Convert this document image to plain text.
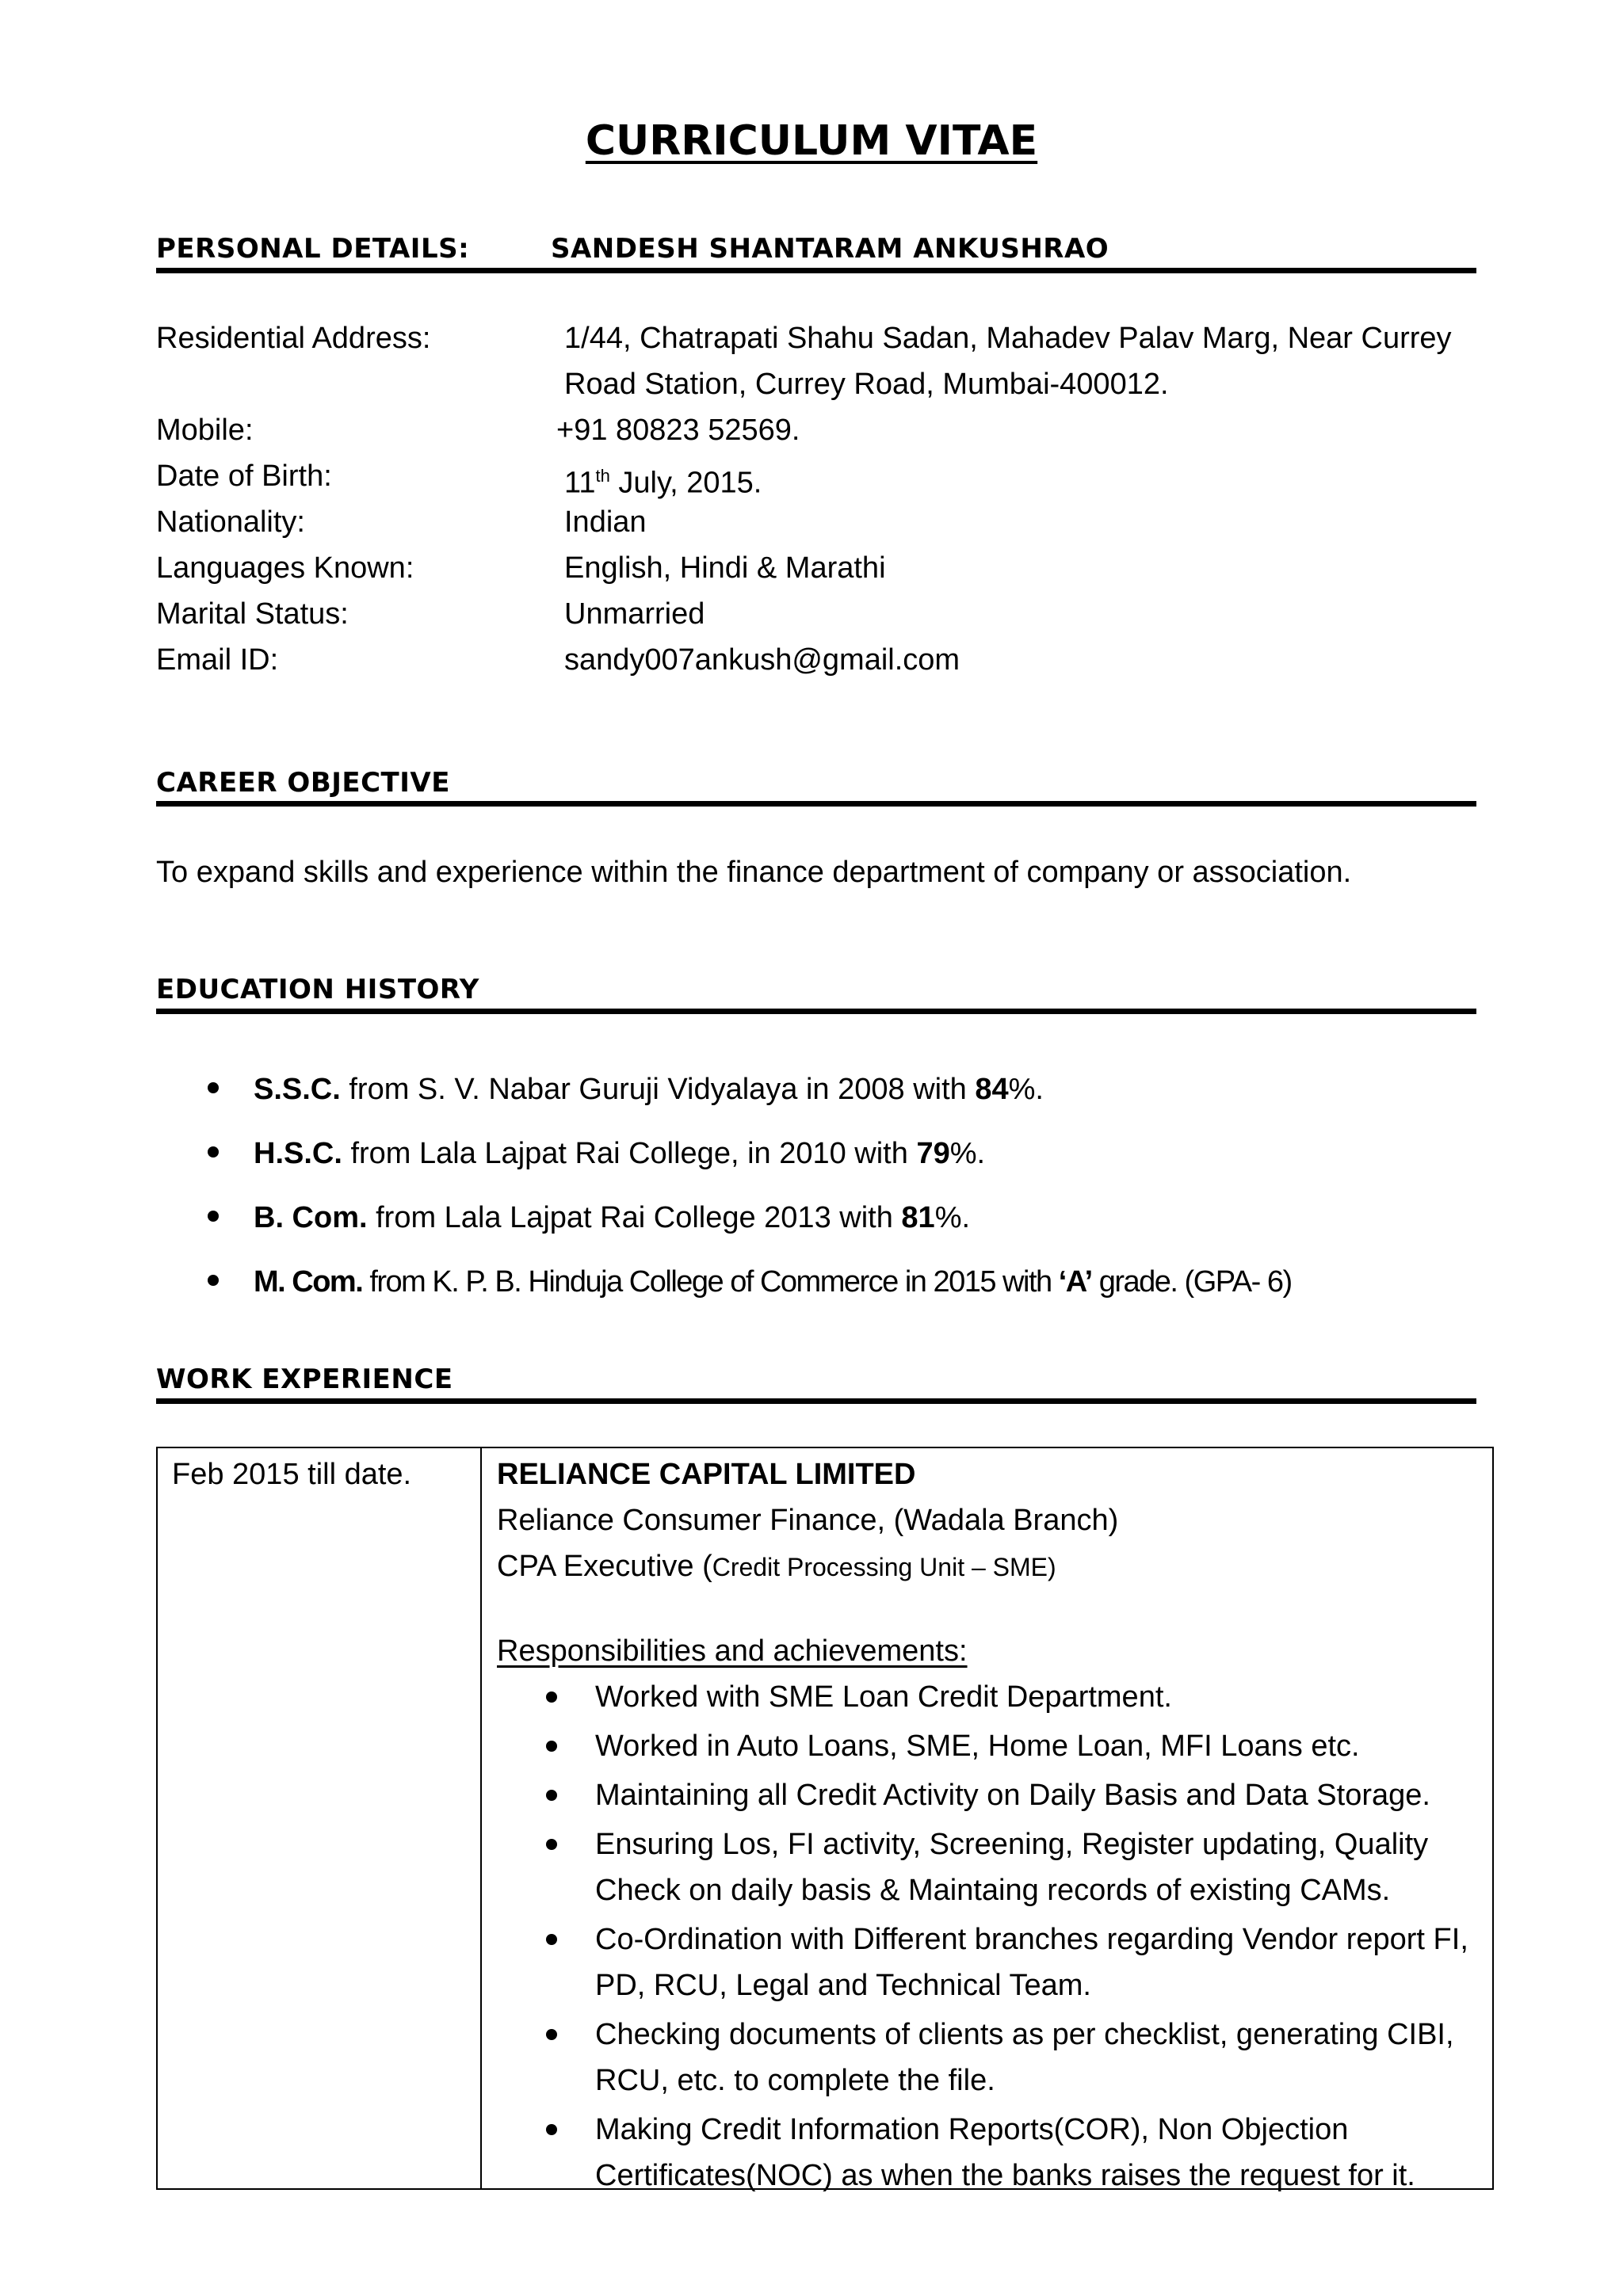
CURRICULUM VITAE
PERSONAL DETAILS:	SANDESH SHANTARAM ANKUSHRAO
Residential Address:	1/44, Chatrapati Shahu Sadan, Mahadev Palav Marg, Near Currey
Road Station, Currey Road, Mumbai-400012.
Mobile:	+91 80823 52569.
Date of Birth:	11th July, 2015.
Nationality:	Indian
Languages Known:	English, Hindi & Marathi
Marital Status:	Unmarried
Email ID:	sandy007ankush@gmail.com
CAREER OBJECTIVE
To expand skills and experience within the finance department of company or association.
EDUCATION HISTORY
S.S.C. from S. V. Nabar Guruji Vidyalaya in 2008 with 84%.
H.S.C. from Lala Lajpat Rai College, in 2010 with 79%.
B. Com. from Lala Lajpat Rai College 2013 with 81%.
M. Com. from K. P. B. Hinduja College of Commerce in 2015 with ‘A’ grade. (GPA- 6)
WORK EXPERIENCE
Feb 2015 till date.	RELIANCE CAPITAL LIMITED
Reliance Consumer Finance, (Wadala Branch)
CPA Executive (Credit Processing Unit – SME)
Responsibilities and achievements:
Worked with SME Loan Credit Department.
Worked in Auto Loans, SME, Home Loan, MFI Loans etc.
Maintaining all Credit Activity on Daily Basis and Data Storage.
Ensuring Los, FI activity, Screening, Register updating, Quality Check on daily basis & Maintaing records of existing CAMs.
Co-Ordination with Different branches regarding Vendor report FI, PD, RCU, Legal and Technical Team.
Checking documents of clients as per checklist, generating CIBI, RCU, etc. to complete the file.
Making Credit Information Reports(COR), Non Objection Certificates(NOC) as when the banks raises the request for it.
